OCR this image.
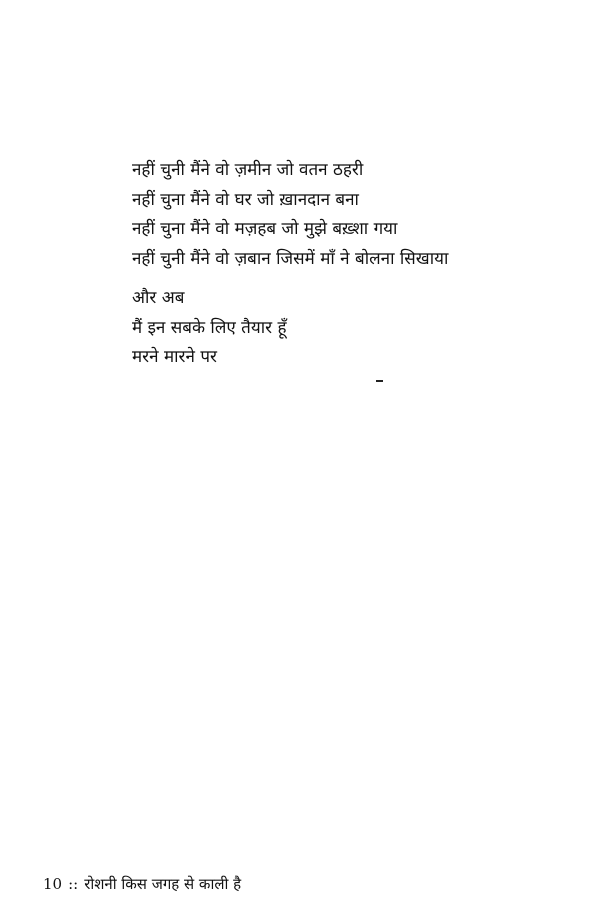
नहीं चुनी मैंने वो ज़मीन जो वतन ठहरी
नहीं चुना मैंने वो घर जो ख़ानदान बना
नहीं चुना मैंने वो मज़हब जो मुझे बख़्शा गया
नहीं चुनी मैंने वो ज़बान जिसमें माँ ने बोलना सिखाया
और अब
मैं इन सबके लिए तैयार हूँ
मरने मारने पर
10 :: रोशनी किस जगह से काली है
